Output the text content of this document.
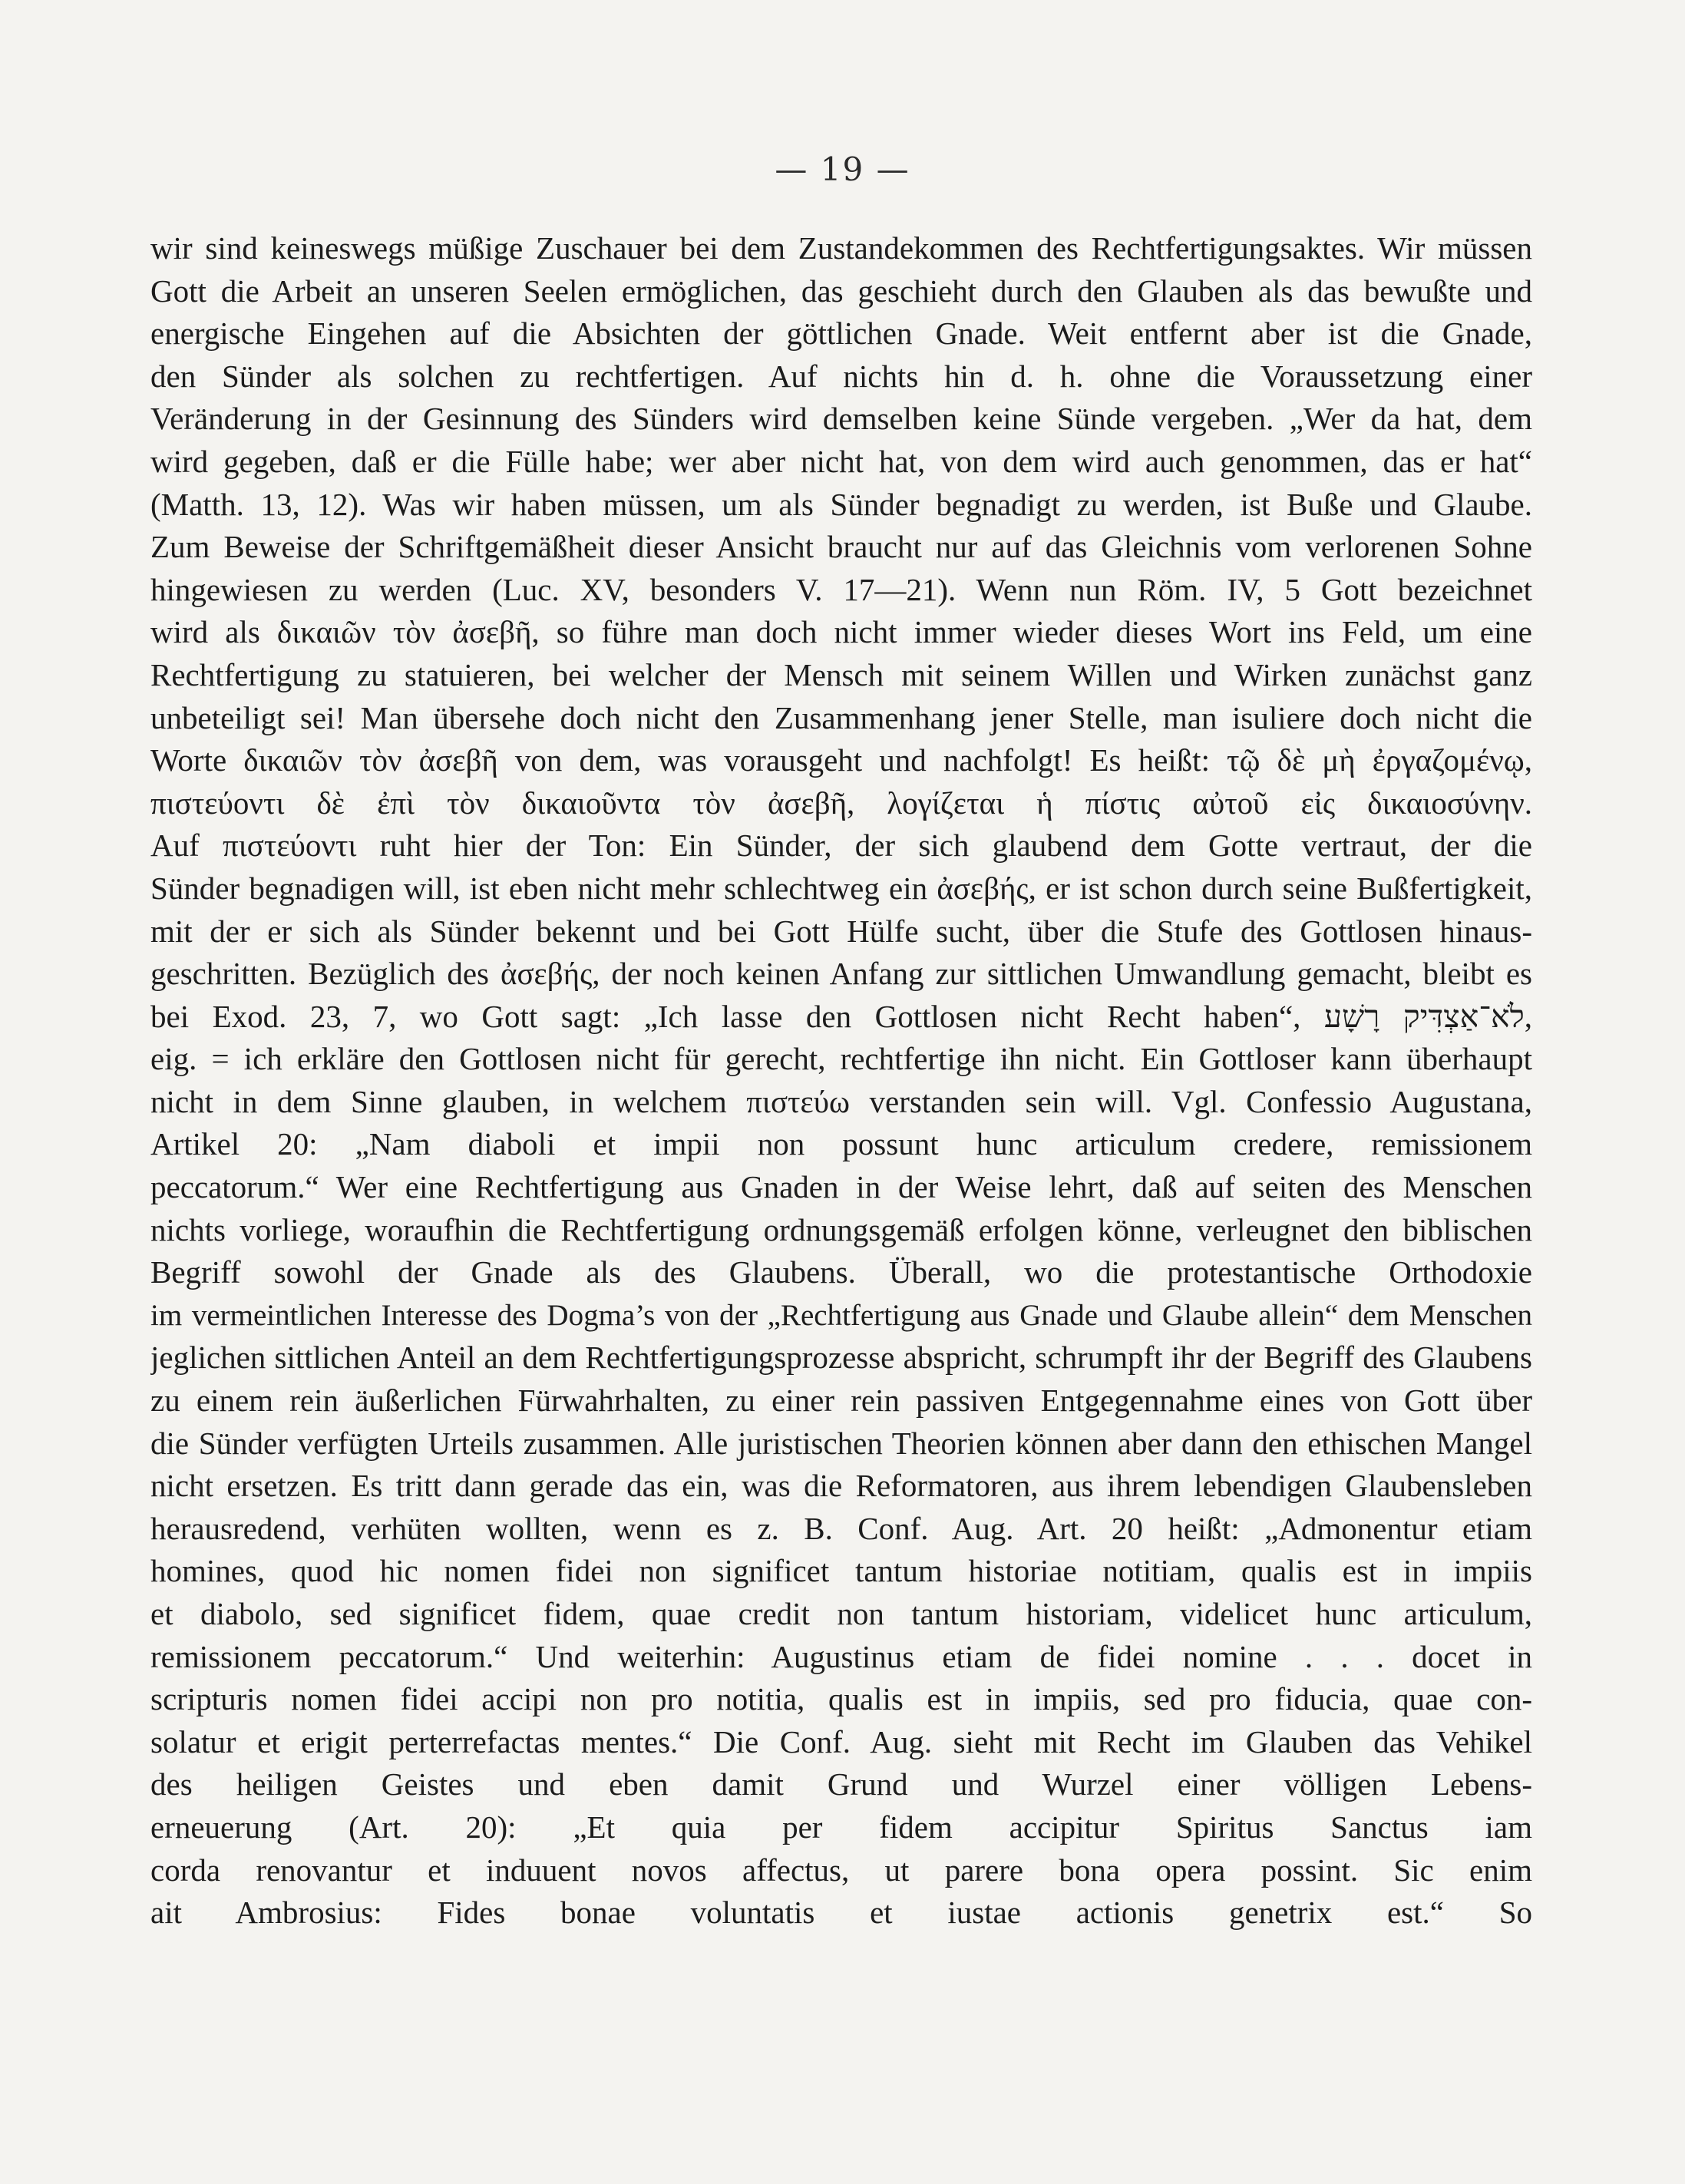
— 19 —
wir sind keineswegs müßige Zuschauer bei dem Zustandekommen des Rechtfertigungsaktes. Wir müssen
Gott die Arbeit an unseren Seelen ermöglichen, das geschieht durch den Glauben als das bewußte und
energische Eingehen auf die Absichten der göttlichen Gnade. Weit entfernt aber ist die Gnade,
den Sünder als solchen zu rechtfertigen. Auf nichts hin d. h. ohne die Voraussetzung einer
Veränderung in der Gesinnung des Sünders wird demselben keine Sünde vergeben. „Wer da hat, dem
wird gegeben, daß er die Fülle habe; wer aber nicht hat, von dem wird auch genommen, das er hat“
(Matth. 13, 12). Was wir haben müssen, um als Sünder begnadigt zu werden, ist Buße und Glaube.
Zum Beweise der Schriftgemäßheit dieser Ansicht braucht nur auf das Gleichnis vom verlorenen Sohne
hingewiesen zu werden (Luc. XV, besonders V. 17—21). Wenn nun Röm. IV, 5 Gott bezeichnet
wird als δικαιῶν τὸν ἀσεβῆ, so führe man doch nicht immer wieder dieses Wort ins Feld, um eine
Rechtfertigung zu statuieren, bei welcher der Mensch mit seinem Willen und Wirken zunächst ganz
unbeteiligt sei! Man übersehe doch nicht den Zusammenhang jener Stelle, man isuliere doch nicht die
Worte δικαιῶν τὸν ἀσεβῆ von dem, was vorausgeht und nachfolgt! Es heißt: τῷ δὲ μὴ ἐργαζομένῳ,
πιστεύοντι δὲ ἐπὶ τὸν δικαιοῦντα τὸν ἀσεβῆ, λογίζεται ἡ πίστις αὐτοῦ εἰς δικαιοσύνην.
Auf πιστεύοντι ruht hier der Ton: Ein Sünder, der sich glaubend dem Gotte vertraut, der die
Sünder begnadigen will, ist eben nicht mehr schlechtweg ein ἀσεβής, er ist schon durch seine Bußfertigkeit,
mit der er sich als Sünder bekennt und bei Gott Hülfe sucht, über die Stufe des Gottlosen hinaus-
geschritten. Bezüglich des ἀσεβής, der noch keinen Anfang zur sittlichen Umwandlung gemacht, bleibt es
bei Exod. 23, 7, wo Gott sagt: „Ich lasse den Gottlosen nicht Recht haben“, לֹא־אַצְדִּיק רָשָׁע,
eig. = ich erkläre den Gottlosen nicht für gerecht, rechtfertige ihn nicht. Ein Gottloser kann überhaupt
nicht in dem Sinne glauben, in welchem πιστεύω verstanden sein will. Vgl. Confessio Augustana,
Artikel 20: „Nam diaboli et impii non possunt hunc articulum credere, remissionem
peccatorum.“ Wer eine Rechtfertigung aus Gnaden in der Weise lehrt, daß auf seiten des Menschen
nichts vorliege, woraufhin die Rechtfertigung ordnungsgemäß erfolgen könne, verleugnet den biblischen
Begriff sowohl der Gnade als des Glaubens. Überall, wo die protestantische Orthodoxie
im vermeintlichen Interesse des Dogma’s von der „Rechtfertigung aus Gnade und Glaube allein“ dem Menschen
jeglichen sittlichen Anteil an dem Rechtfertigungsprozesse abspricht, schrumpft ihr der Begriff des Glaubens
zu einem rein äußerlichen Fürwahrhalten, zu einer rein passiven Entgegennahme eines von Gott über
die Sünder verfügten Urteils zusammen. Alle juristischen Theorien können aber dann den ethischen Mangel
nicht ersetzen. Es tritt dann gerade das ein, was die Reformatoren, aus ihrem lebendigen Glaubensleben
herausredend, verhüten wollten, wenn es z. B. Conf. Aug. Art. 20 heißt: „Admonentur etiam
homines, quod hic nomen fidei non significet tantum historiae notitiam, qualis est in impiis
et diabolo, sed significet fidem, quae credit non tantum historiam, videlicet hunc articulum,
remissionem peccatorum.“ Und weiterhin: Augustinus etiam de fidei nomine . . . docet in
scripturis nomen fidei accipi non pro notitia, qualis est in impiis, sed pro fiducia, quae con-
solatur et erigit perterrefactas mentes.“ Die Conf. Aug. sieht mit Recht im Glauben das Vehikel
des heiligen Geistes und eben damit Grund und Wurzel einer völligen Lebens-
erneuerung (Art. 20): „Et quia per fidem accipitur Spiritus Sanctus iam
corda renovantur et induuent novos affectus, ut parere bona opera possint. Sic enim
ait Ambrosius: Fides bonae voluntatis et iustae actionis genetrix est.“ So
